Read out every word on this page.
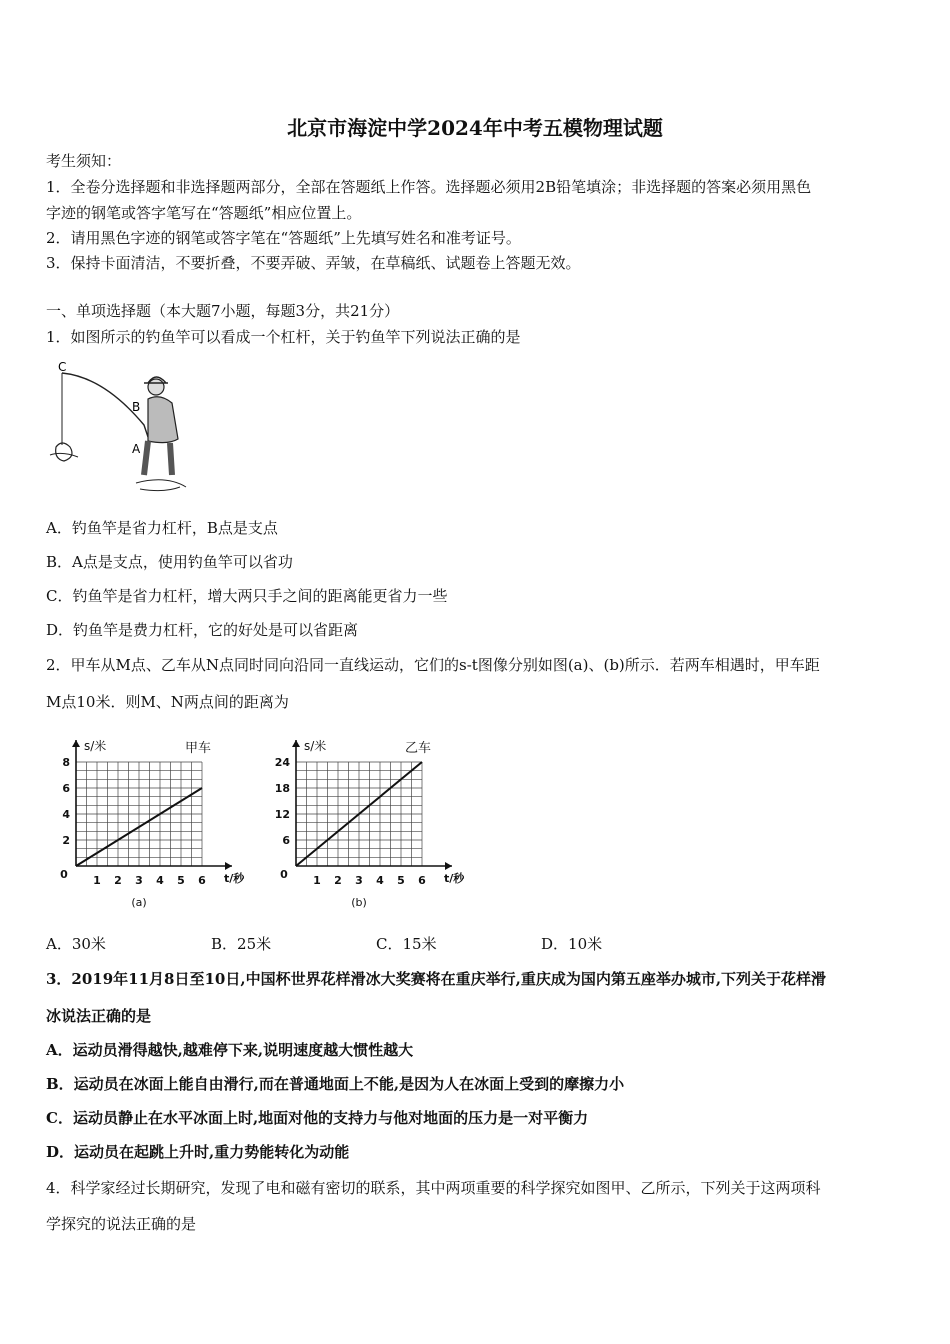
北京市海淀中学2024年中考五模物理试题
考生须知：
1．全卷分选择题和非选择题两部分，全部在答题纸上作答。选择题必须用2B铅笔填涂；非选择题的答案必须用黑色
字迹的钢笔或答字笔写在“答题纸”相应位置上。
2．请用黑色字迹的钢笔或答字笔在“答题纸”上先填写姓名和准考证号。
3．保持卡面清洁，不要折叠，不要弄破、弄皱，在草稿纸、试题卷上答题无效。
一、单项选择题（本大题7小题，每题3分，共21分）
1．如图所示的钓鱼竿可以看成一个杠杆，关于钓鱼竿下列说法正确的是
C
B
A
A．钓鱼竿是省力杠杆，B点是支点
B．A点是支点，使用钓鱼竿可以省功
C．钓鱼竿是省力杠杆，增大两只手之间的距离能更省力一些
D．钓鱼竿是费力杠杆，它的好处是可以省距离
2．甲车从M点、乙车从N点同时同向沿同一直线运动，它们的s-t图像分别如图(a)、(b)所示．若两车相遇时，甲车距
M点10米．则M、N两点间的距离为
1 2 3 4 5 6
2
4
6
8
0	t/秒
s/米	甲车
(a)
1 2 3 4 5 6
6
12
18
24
0	t/秒
s/米	乙车
(b)
A．30米	B．25米	C．15米	D．10米
3．2019年11月8日至10日,中国杯世界花样滑冰大奖赛将在重庆举行,重庆成为国内第五座举办城市,下列关于花样滑
冰说法正确的是
A．运动员滑得越快,越难停下来,说明速度越大惯性越大
B．运动员在冰面上能自由滑行,而在普通地面上不能,是因为人在冰面上受到的摩擦力小
C．运动员静止在水平冰面上时,地面对他的支持力与他对地面的压力是一对平衡力
D．运动员在起跳上升时,重力势能转化为动能
4．科学家经过长期研究，发现了电和磁有密切的联系，其中两项重要的科学探究如图甲、乙所示，下列关于这两项科
学探究的说法正确的是
